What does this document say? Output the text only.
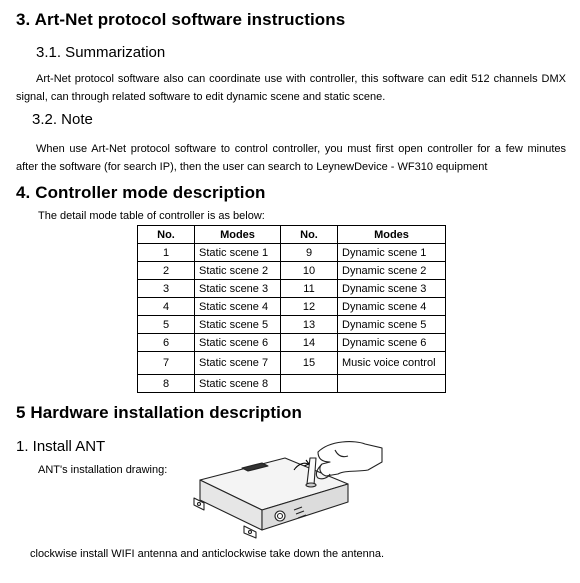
3. Art-Net protocol software instructions
3.1. Summarization
Art-Net protocol software also can coordinate use with controller, this software can edit 512 channels DMX
signal, can through related software to edit dynamic scene and static scene.
3.2. Note
When use Art-Net protocol software to control controller, you must first open controller for a few minutes
after the software (for search IP), then the user can search to LeynewDevice - WF310 equipment
4. Controller mode description
The detail mode table of controller is as below:
No.	Modes	No.	Modes
1	Static scene 1	9	Dynamic scene 1
2	Static scene 2	10	Dynamic scene 2
3	Static scene 3	11	Dynamic scene 3
4	Static scene 4	12	Dynamic scene 4
5	Static scene 5	13	Dynamic scene 5
6	Static scene 6	14	Dynamic scene 6
7	Static scene 7	15	Music voice control
8	Static scene 8		
5 Hardware installation description
1. Install ANT
ANT's installation drawing:
clockwise install WIFI antenna and anticlockwise take down the antenna.
